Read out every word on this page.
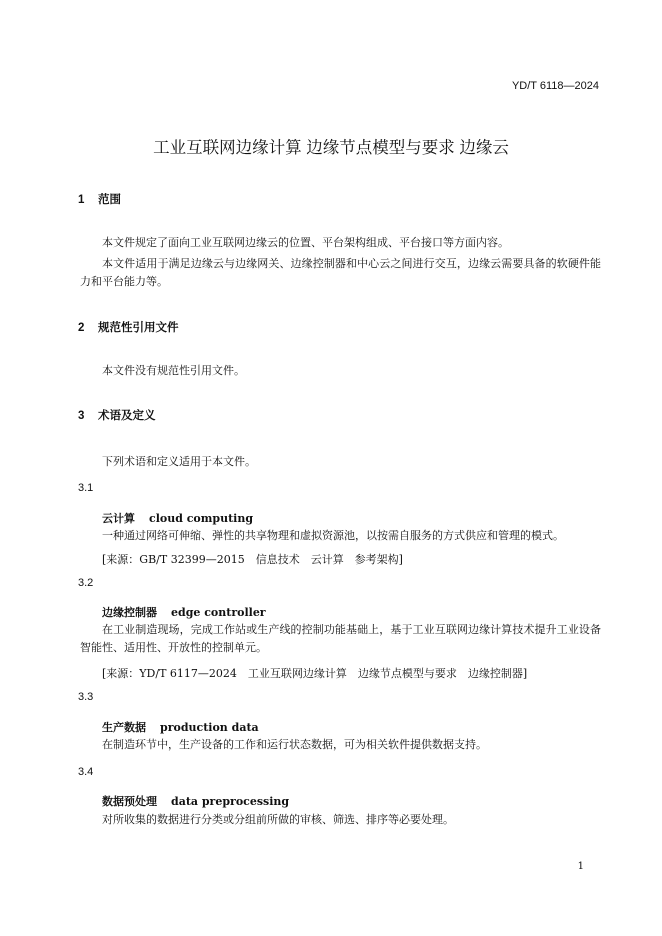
YD/T 6118—2024
工业互联网边缘计算 边缘节点模型与要求 边缘云
1 范围
本文件规定了面向工业互联网边缘云的位置、平台架构组成、平台接口等方面内容。
本文件适用于满足边缘云与边缘网关、边缘控制器和中心云之间进行交互，边缘云需要具备的软硬件能力和平台能力等。
2 规范性引用文件
本文件没有规范性引用文件。
3 术语及定义
下列术语和定义适用于本文件。
3.1
云计算 cloud computing
一种通过网络可伸缩、弹性的共享物理和虚拟资源池，以按需自服务的方式供应和管理的模式。
[来源：GB/T 32399—2015　信息技术　云计算　参考架构]
3.2
边缘控制器 edge controller
在工业制造现场，完成工作站或生产线的控制功能基础上，基于工业互联网边缘计算技术提升工业设备智能性、适用性、开放性的控制单元。
[来源：YD/T 6117—2024　工业互联网边缘计算　边缘节点模型与要求　边缘控制器]
3.3
生产数据 production data
在制造环节中，生产设备的工作和运行状态数据，可为相关软件提供数据支持。
3.4
数据预处理 data preprocessing
对所收集的数据进行分类或分组前所做的审核、筛选、排序等必要处理。
1
